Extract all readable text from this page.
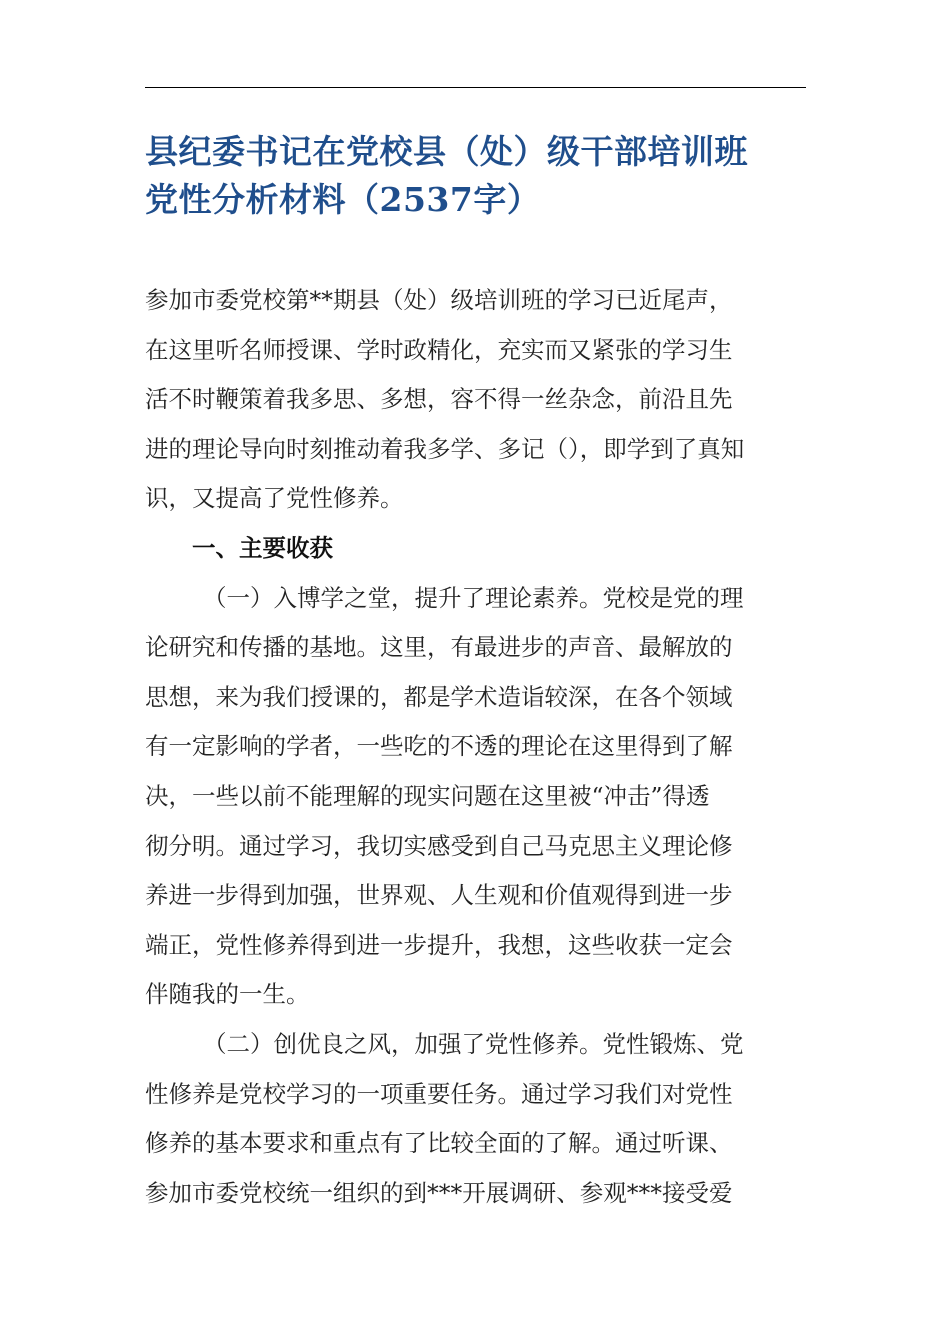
县纪委书记在党校县（处）级干部培训班
党性分析材料（2537字）
参加市委党校第**期县（处）级培训班的学习已近尾声，
在这里听名师授课、学时政精化，充实而又紧张的学习生
活不时鞭策着我多思、多想，容不得一丝杂念，前沿且先
进的理论导向时刻推动着我多学、多记（），即学到了真知
识，又提高了党性修养。
一、主要收获
（一）入博学之堂，提升了理论素养。党校是党的理
论研究和传播的基地。这里，有最进步的声音、最解放的
思想，来为我们授课的，都是学术造诣较深，在各个领域
有一定影响的学者，一些吃的不透的理论在这里得到了解
决，一些以前不能理解的现实问题在这里被“冲击”得透
彻分明。通过学习，我切实感受到自己马克思主义理论修
养进一步得到加强，世界观、人生观和价值观得到进一步
端正，党性修养得到进一步提升，我想，这些收获一定会
伴随我的一生。
（二）创优良之风，加强了党性修养。党性锻炼、党
性修养是党校学习的一项重要任务。通过学习我们对党性
修养的基本要求和重点有了比较全面的了解。通过听课、
参加市委党校统一组织的到***开展调研、参观***接受爱
